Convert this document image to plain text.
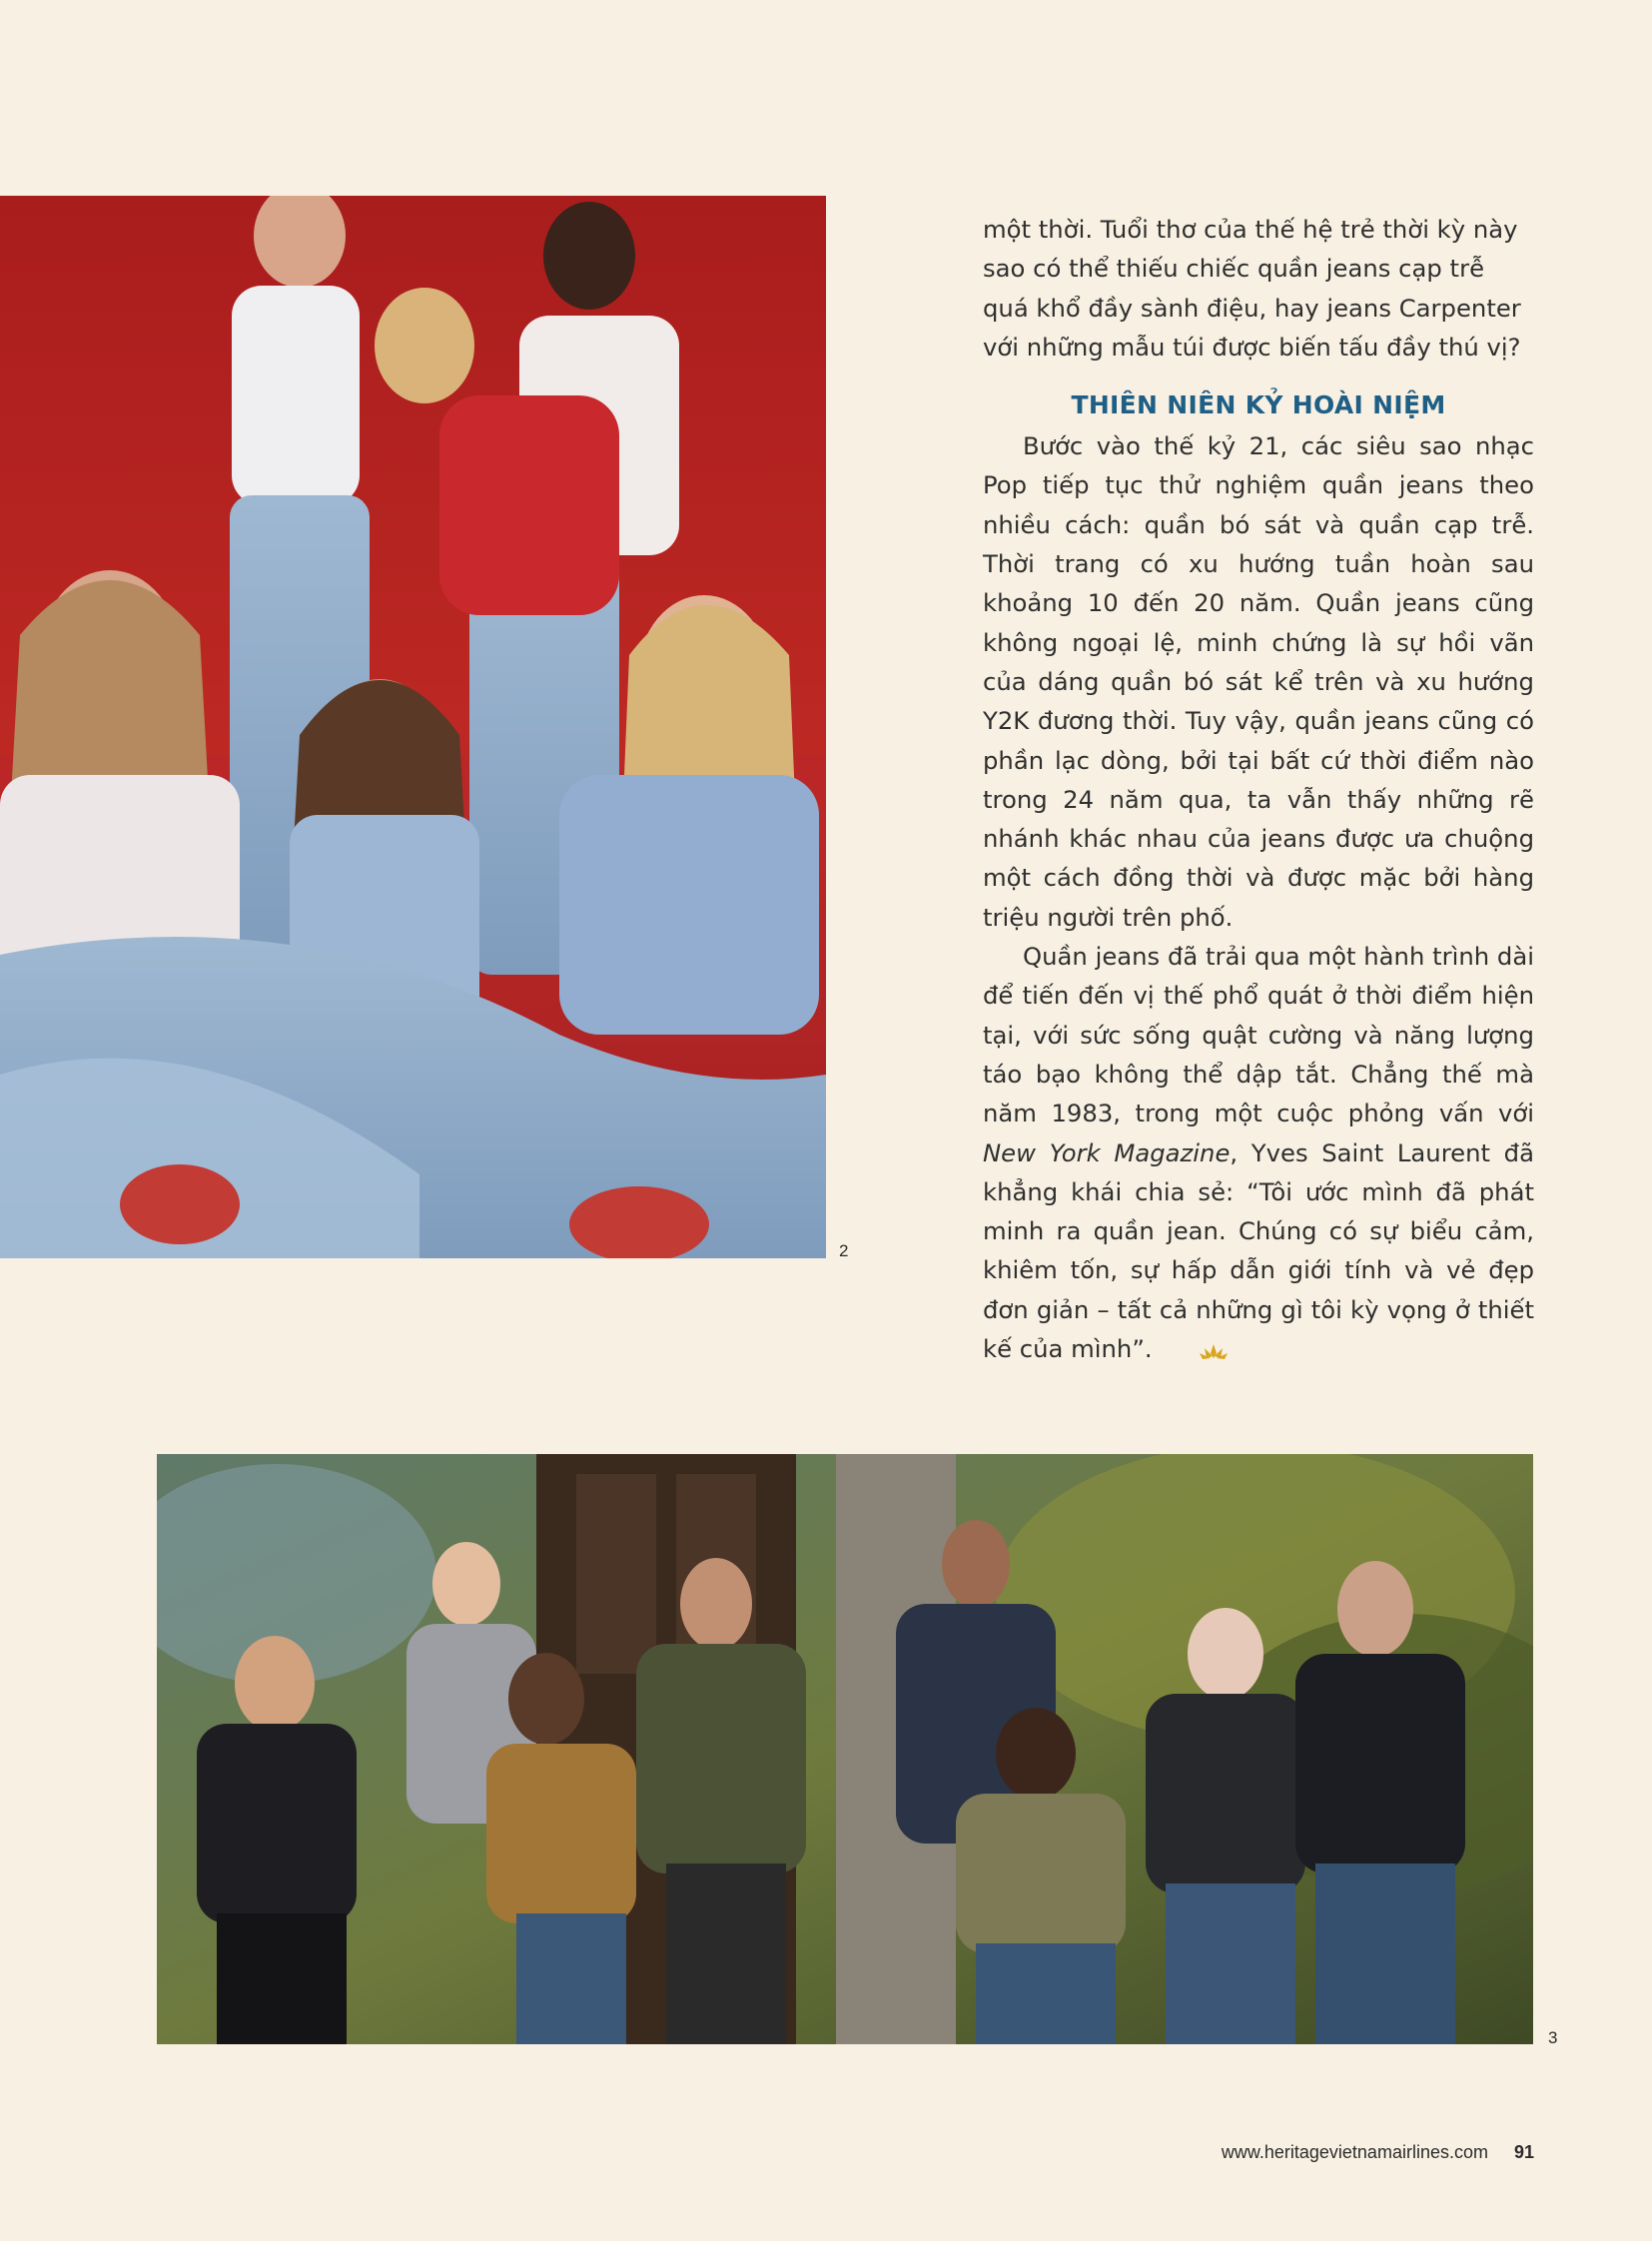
2

một thời. Tuổi thơ của thế hệ trẻ thời kỳ này sao có thể thiếu chiếc quần jeans cạp trễ quá khổ đầy sành điệu, hay jeans Carpenter với những mẫu túi được biến tấu đầy thú vị?

THIÊN NIÊN KỶ HOÀI NIỆM

Bước vào thế kỷ 21, các siêu sao nhạc Pop tiếp tục thử nghiệm quần jeans theo nhiều cách: quần bó sát và quần cạp trễ. Thời trang có xu hướng tuần hoàn sau khoảng 10 đến 20 năm. Quần jeans cũng không ngoại lệ, minh chứng là sự hồi vãn của dáng quần bó sát kể trên và xu hướng Y2K đương thời. Tuy vậy, quần jeans cũng có phần lạc dòng, bởi tại bất cứ thời điểm nào trong 24 năm qua, ta vẫn thấy những rẽ nhánh khác nhau của jeans được ưa chuộng một cách đồng thời và được mặc bởi hàng triệu người trên phố.

Quần jeans đã trải qua một hành trình dài để tiến đến vị thế phổ quát ở thời điểm hiện tại, với sức sống quật cường và năng lượng táo bạo không thể dập tắt. Chẳng thế mà năm 1983, trong một cuộc phỏng vấn với New York Magazine, Yves Saint Laurent đã khẳng khái chia sẻ: “Tôi ước mình đã phát minh ra quần jean. Chúng có sự biểu cảm, khiêm tốn, sự hấp dẫn giới tính và vẻ đẹp đơn giản – tất cả những gì tôi kỳ vọng ở thiết kế của mình”.

3
www.heritagevietnamairlines.com 91
